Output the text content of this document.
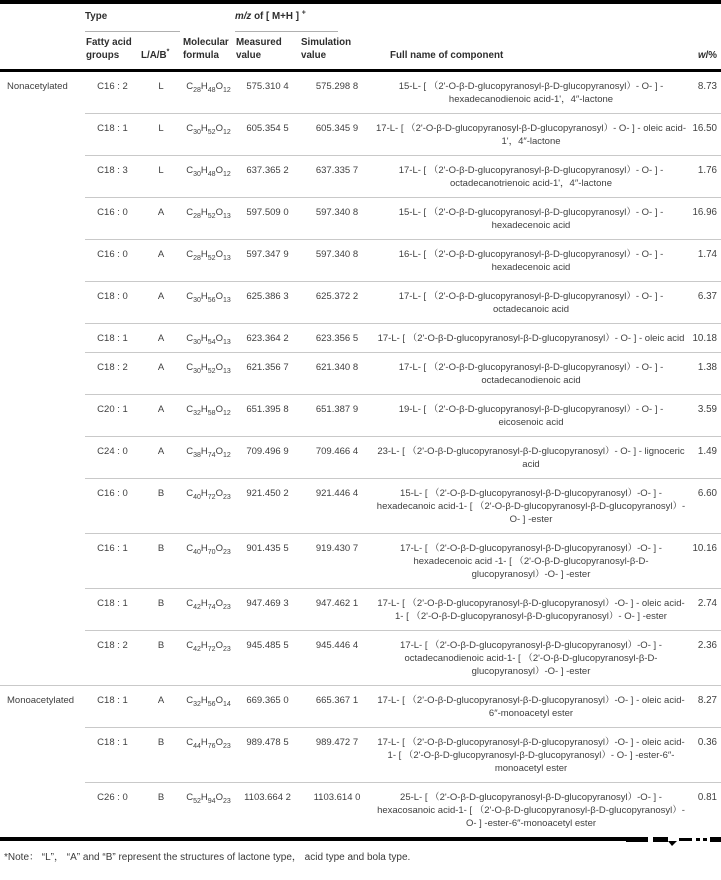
	Type			m/z of [ M+H ] +		
	Fatty acid groups	L/A/B*	Molecular formula	Measured value	Simulation value	Full name of component	w/%
Nonacetylated	C16 : 2	L	$C_{28}H_{48}O_{12}$	575.310 4	575.298 8	15-L- [ （2'-O-β-D-glucopyranosyl-β-D-glucopyranosyl）- O- ] - hexadecanodienoic acid-1'，4″-lactone	8.73
	C18 : 1	L	$C_{30}H_{52}O_{12}$	605.354 5	605.345 9	17-L- [ （2'-O-β-D-glucopyranosyl-β-D-glucopyranosyl）- O- ] - oleic acid-1'，4″-lactone	16.50
	C18 : 3	L	$C_{30}H_{48}O_{12}$	637.365 2	637.335 7	17-L- [ （2'-O-β-D-glucopyranosyl-β-D-glucopyranosyl）- O- ] - octadecanotrienoic acid-1'，4″-lactone	1.76
	C16 : 0	A	$C_{28}H_{52}O_{13}$	597.509 0	597.340 8	15-L- [ （2'-O-β-D-glucopyranosyl-β-D-glucopyranosyl）- O- ] - hexadecenoic acid	16.96
	C16 : 0	A	$C_{28}H_{52}O_{13}$	597.347 9	597.340 8	16-L- [ （2'-O-β-D-glucopyranosyl-β-D-glucopyranosyl）- O- ] - hexadecenoic acid	1.74
	C18 : 0	A	$C_{30}H_{56}O_{13}$	625.386 3	625.372 2	17-L- [ （2'-O-β-D-glucopyranosyl-β-D-glucopyranosyl）- O- ] - octadecanoic acid	6.37
	C18 : 1	A	$C_{30}H_{54}O_{13}$	623.364 2	623.356 5	17-L- [ （2'-O-β-D-glucopyranosyl-β-D-glucopyranosyl）- O- ] - oleic acid	10.18
	C18 : 2	A	$C_{30}H_{52}O_{13}$	621.356 7	621.340 8	17-L- [ （2'-O-β-D-glucopyranosyl-β-D-glucopyranosyl）- O- ] - octadecanodienoic acid	1.38
	C20 : 1	A	$C_{32}H_{58}O_{12}$	651.395 8	651.387 9	19-L- [ （2'-O-β-D-glucopyranosyl-β-D-glucopyranosyl）- O- ] - eicosenoic acid	3.59
	C24 : 0	A	$C_{38}H_{74}O_{12}$	709.496 9	709.466 4	23-L- [ （2'-O-β-D-glucopyranosyl-β-D-glucopyranosyl）- O- ] - lignoceric acid	1.49
	C16 : 0	B	$C_{40}H_{72}O_{23}$	921.450 2	921.446 4	15-L- [ （2'-O-β-D-glucopyranosyl-β-D-glucopyranosyl）-O- ] - hexadecanoic acid-1- [ （2'-O-β-D-glucopyranosyl-β-D-glucopyranosyl）-O- ] -ester	6.60
	C16 : 1	B	$C_{40}H_{70}O_{23}$	901.435 5	919.430 7	17-L- [ （2'-O-β-D-glucopyranosyl-β-D-glucopyranosyl）-O- ] - hexadecenoic acid -1- [ （2'-O-β-D-glucopyranosyl-β-D-glucopyranosyl）-O- ] -ester	10.16
	C18 : 1	B	$C_{42}H_{74}O_{23}$	947.469 3	947.462 1	17-L- [ （2'-O-β-D-glucopyranosyl-β-D-glucopyranosyl）-O- ] - oleic acid-1- [ （2'-O-β-D-glucopyranosyl-β-D-glucopyranosyl）- O- ] -ester	2.74
	C18 : 2	B	$C_{42}H_{72}O_{23}$	945.485 5	945.446 4	17-L- [ （2'-O-β-D-glucopyranosyl-β-D-glucopyranosyl）-O- ] - octadecanodienoic acid-1- [ （2'-O-β-D-glucopyranosyl-β-D-glucopyranosyl）-O- ] -ester	2.36
Monoacetylated	C18 : 1	A	$C_{32}H_{56}O_{14}$	669.365 0	665.367 1	17-L- [ （2'-O-β-D-glucopyranosyl-β-D-glucopyranosyl）-O- ] - oleic acid-6″-monoacetyl ester	8.27
	C18 : 1	B	$C_{44}H_{76}O_{23}$	989.478 5	989.472 7	17-L- [ （2'-O-β-D-glucopyranosyl-β-D-glucopyranosyl）-O- ] - oleic acid-1- [ （2'-O-β-D-glucopyranosyl-β-D-glucopyranosyl）- O- ] -ester-6″-monoacetyl ester	0.36
	C26 : 0	B	$C_{52}H_{94}O_{23}$	1103.664 2	1103.614 0	25-L- [ （2'-O-β-D-glucopyranosyl-β-D-glucopyranosyl）-O- ] - hexacosanoic acid-1- [ （2'-O-β-D-glucopyranosyl-β-D-glucopyranosyl）-O- ] -ester-6″-monoacetyl ester	0.81
*Note： “L”， “A” and “B” represent the structures of lactone type， acid type and bola type.
